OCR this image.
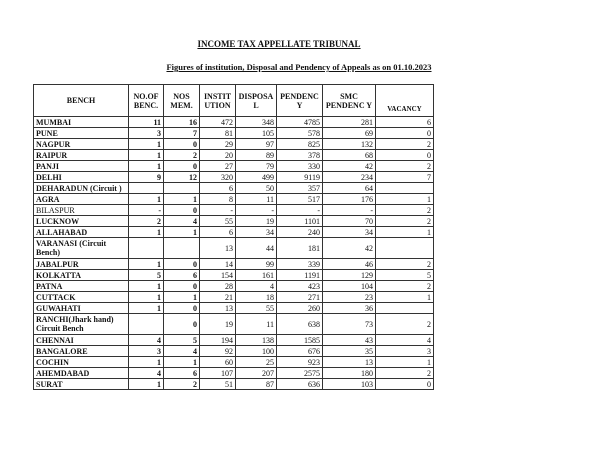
INCOME TAX APPELLATE TRIBUNAL
Figures of institution, Disposal and Pendency of Appeals as on 01.10.2023
BENCH	NO.OF BENC.	NOS MEM.	INSTIT UTION	DISPOSA L	PENDENC Y	SMC PENDENC Y	VACANCY
MUMBAI	11	16	472	348	4785	281	6
PUNE	3	7	81	105	578	69	0
NAGPUR	1	0	29	97	825	132	2
RAIPUR	1	2	20	89	378	68	0
PANJI	1	0	27	79	330	42	2
DELHI	9	12	320	499	9119	234	7
DEHARADUN (Circuit )			6	50	357	64	
AGRA	1	1	8	11	517	176	1
BILASPUR	-	0	-	-	-	-	2
LUCKNOW	2	4	55	19	1101	70	2
ALLAHABAD	1	1	6	34	240	34	1
VARANASI (Circuit Bench)			13	44	181	42	
JABALPUR	1	0	14	99	339	46	2
KOLKATTA	5	6	154	161	1191	129	5
PATNA	1	0	28	4	423	104	2
CUTTACK	1	1	21	18	271	23	1
GUWAHATI	1	0	13	55	260	36	
RANCHI(Jhark hand) Circuit Bench		0	19	11	638	73	2
CHENNAI	4	5	194	138	1585	43	4
BANGALORE	3	4	92	100	676	35	3
COCHIN	1	1	60	25	923	13	1
AHEMDABAD	4	6	107	207	2575	180	2
SURAT	1	2	51	87	636	103	0
